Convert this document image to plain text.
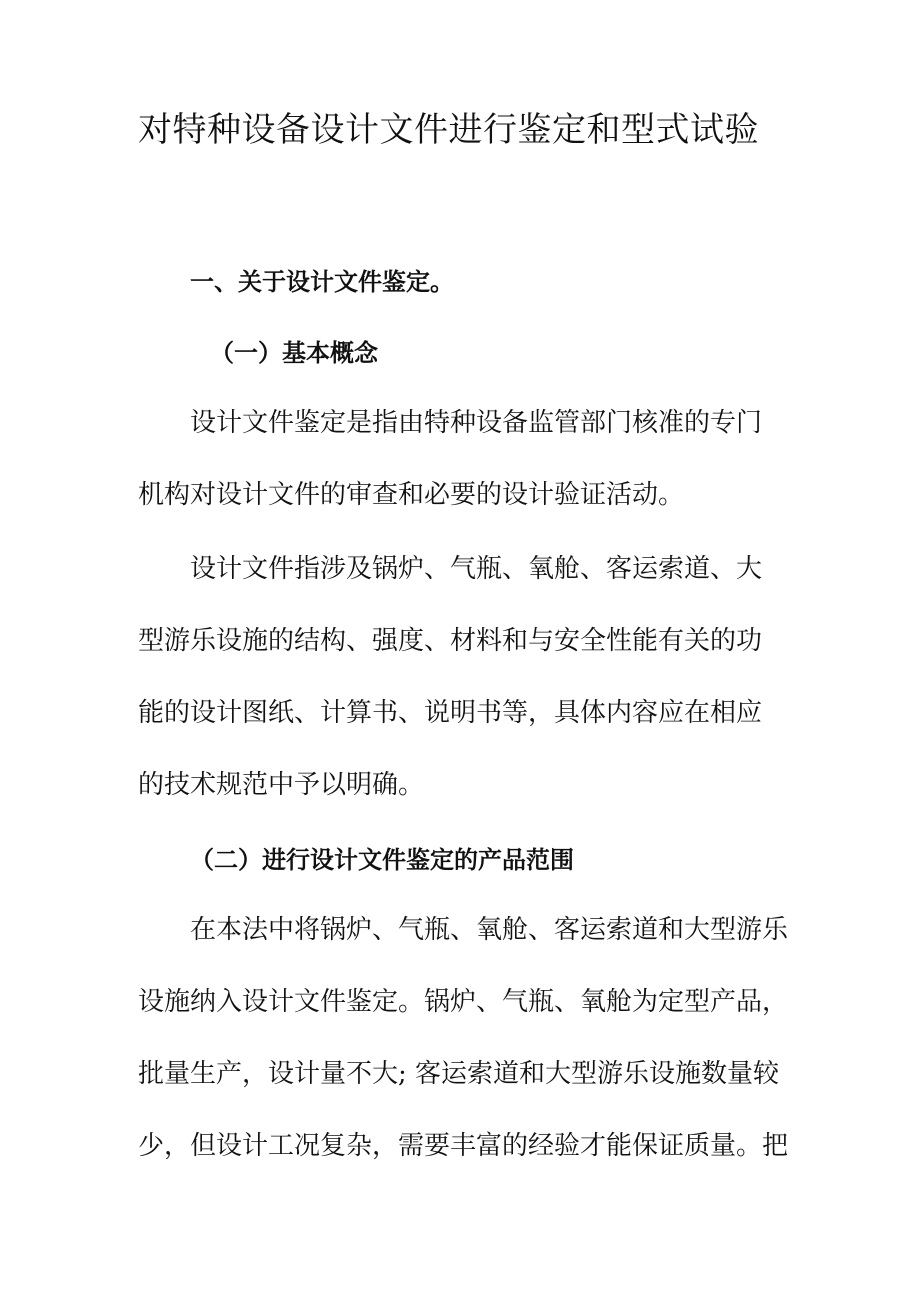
对特种设备设计文件进行鉴定和型式试验
一、关于设计文件鉴定。
（一）基本概念
设计文件鉴定是指由特种设备监管部门核准的专门
机构对设计文件的审查和必要的设计验证活动。
设计文件指涉及锅炉、气瓶、氧舱、客运索道、大
型游乐设施的结构、强度、材料和与安全性能有关的功
能的设计图纸、计算书、说明书等，具体内容应在相应
的技术规范中予以明确。
（二）进行设计文件鉴定的产品范围
在本法中将锅炉、气瓶、氧舱、客运索道和大型游乐
设施纳入设计文件鉴定。锅炉、气瓶、氧舱为定型产品，
批量生产，设计量不大; 客运索道和大型游乐设施数量较
少，但设计工况复杂，需要丰富的经验才能保证质量。把
